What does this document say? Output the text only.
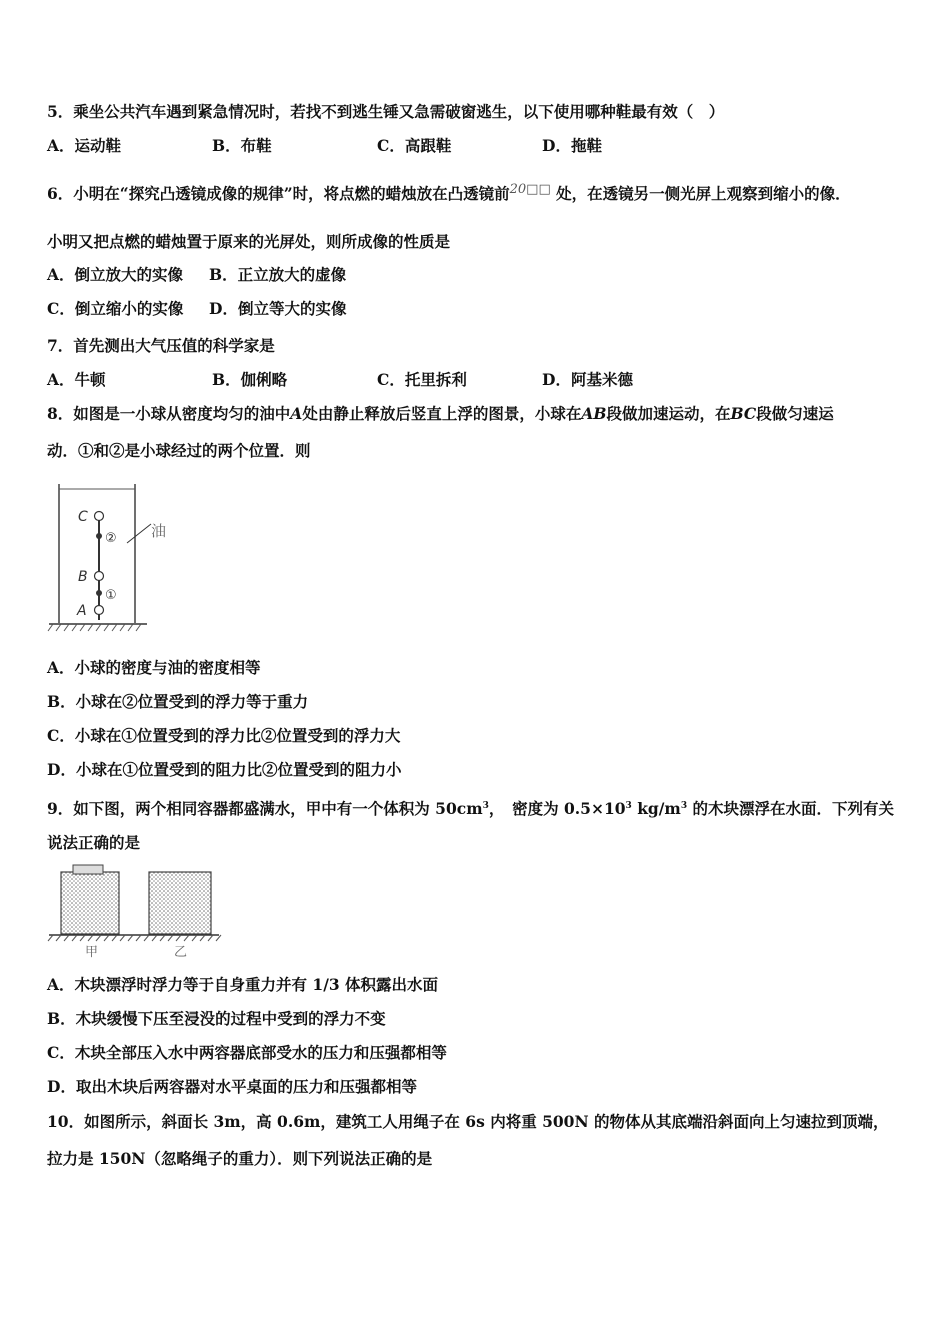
5．乘坐公共汽车遇到紧急情况时，若找不到逃生锤又急需破窗逃生，以下使用哪种鞋最有效（　）
A．运动鞋	B．布鞋	C．高跟鞋	D．拖鞋
6．小明在“探究凸透镜成像的规律”时，将点燃的蜡烛放在凸透镜前$^{20□□}$ 处，在透镜另一侧光屏上观察到缩小的像．
小明又把点燃的蜡烛置于原来的光屏处，则所成像的性质是
A．倒立放大的实像 B．正立放大的虚像
C．倒立缩小的实像 D．倒立等大的实像
7．首先测出大气压值的科学家是
A．牛顿	B．伽俐略	C．托里拆利	D．阿基米德
8．如图是一小球从密度均匀的油中A处由静止释放后竖直上浮的图景，小球在AB段做加速运动，在BC段做匀速运
动．①和②是小球经过的两个位置．则
C
B
A
②
①
油
A．小球的密度与油的密度相等
B．小球在②位置受到的浮力等于重力
C．小球在①位置受到的浮力比②位置受到的浮力大
D．小球在①位置受到的阻力比②位置受到的阻力小
9．如下图，两个相同容器都盛满水，甲中有一个体积为 $50cm^3$，　密度为 $0.5\times 10^3$ $kg/m^3$ 的木块漂浮在水面．下列有关
说法正确的是
甲	乙
A．木块漂浮时浮力等于自身重力并有 1/3 体积露出水面
B．木块缓慢下压至浸没的过程中受到的浮力不变
C．木块全部压入水中两容器底部受水的压力和压强都相等
D．取出木块后两容器对水平桌面的压力和压强都相等
10．如图所示，斜面长 3m，高 0.6m，建筑工人用绳子在 6s 内将重 500N 的物体从其底端沿斜面向上匀速拉到顶端，
拉力是 150N（忽略绳子的重力）．则下列说法正确的是
